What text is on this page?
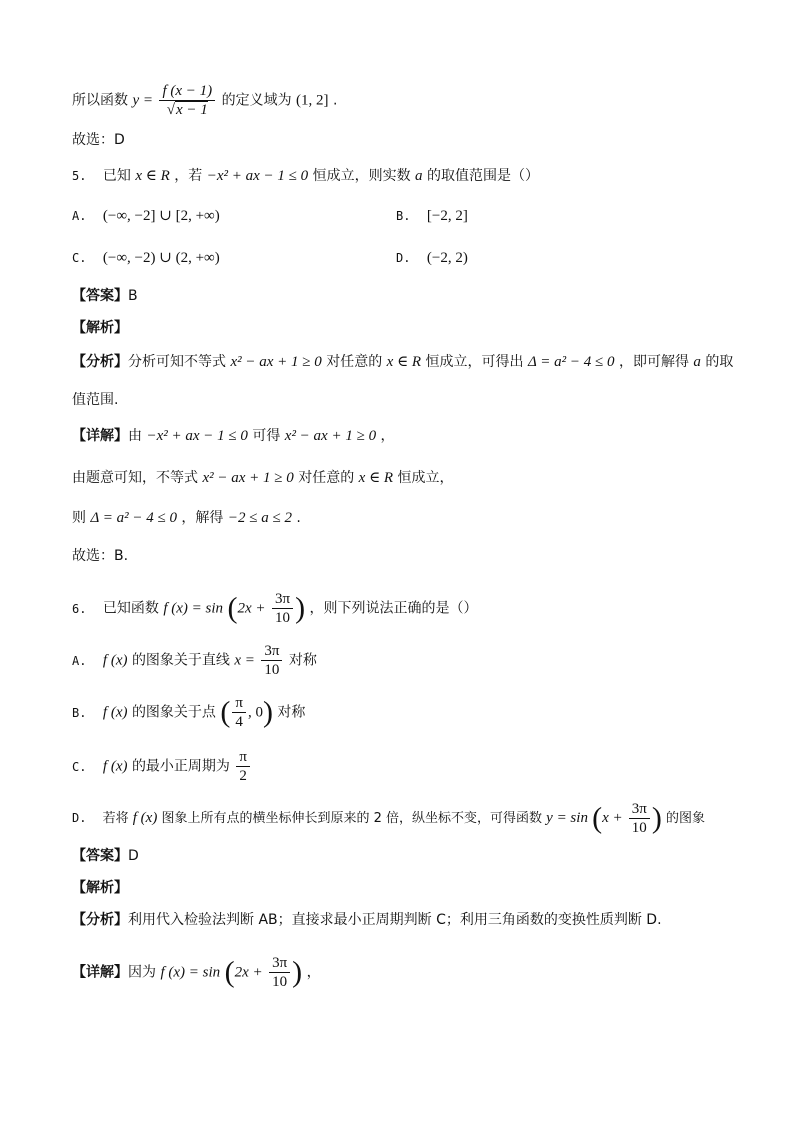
所以函数 $y = \frac{f (x - 1)}{√x - 1}$ 的定义域为 (1, 2] .
故选：D
5. 已知 x ∈ R ，若 −x² + ax − 1 ≤ 0 恒成立，则实数 a 的取值范围是（）
A. (−∞, −2] ∪ [2, +∞)	B. [−2, 2]
C. (−∞, −2) ∪ (2, +∞)	D. (−2, 2)
【答案】B
【解析】
【分析】分析可知不等式 x² − ax + 1 ≥ 0 对任意的 x ∈ R 恒成立，可得出 Δ = a² − 4 ≤ 0 ，即可解得 a 的取
值范围.
【详解】由 −x² + ax − 1 ≤ 0 可得 x² − ax + 1 ≥ 0 ，
由题意可知，不等式 x² − ax + 1 ≥ 0 对任意的 x ∈ R 恒成立，
则 Δ = a² − 4 ≤ 0 ，解得 −2 ≤ a ≤ 2 .
故选：B.
6. 已知函数 f $(x) = \sin (2x + \frac{3\pi}{10}$ ) ，则下列说法正确的是（）
A. f (x) 的图象关于直线 $x = \frac{3\pi}{10}$ 对称
B. f (x) 的图象关于点 ( $\frac{\pi}{4}$ , 0) 对称
C. f (x) 的最小正周期为 $\frac{\pi}{2}$
D. 若将 f (x) 图象上所有点的横坐标伸长到原来的 2 倍，纵坐标不变，可得函数 $y = \sin (x + \frac{3\pi}{10}$ ) 的图象
【答案】D
【解析】
【分析】利用代入检验法判断 AB；直接求最小正周期判断 C；利用三角函数的变换性质判断 D.
【详解】因为 f $(x) = \sin (2x + \frac{3\pi}{10}$ ) ，
